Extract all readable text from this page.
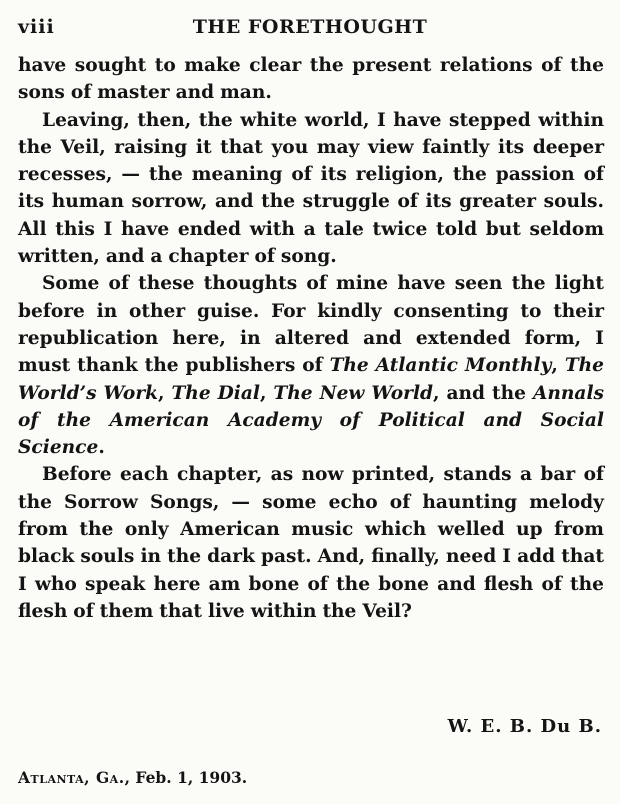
viii	THE FORETHOUGHT

have sought to make clear the present relations of the sons of master and man.

Leaving, then, the white world, I have stepped within the Veil, raising it that you may view faintly its deeper recesses, — the meaning of its religion, the passion of its human sorrow, and the struggle of its greater souls. All this I have ended with a tale twice told but seldom written, and a chapter of song.

Some of these thoughts of mine have seen the light before in other guise. For kindly consenting to their republication here, in altered and extended form, I must thank the publishers of The Atlantic Monthly, The World’s Work, The Dial, The New World, and the Annals of the American Academy of Political and Social Science.

Before each chapter, as now printed, stands a bar of the Sorrow Songs, — some echo of haunting melody from the only American music which welled up from black souls in the dark past. And, finally, need I add that I who speak here am bone of the bone and flesh of the flesh of them that live within the Veil?

W. E. B. Du B.
Atlanta, Ga., Feb. 1, 1903.
